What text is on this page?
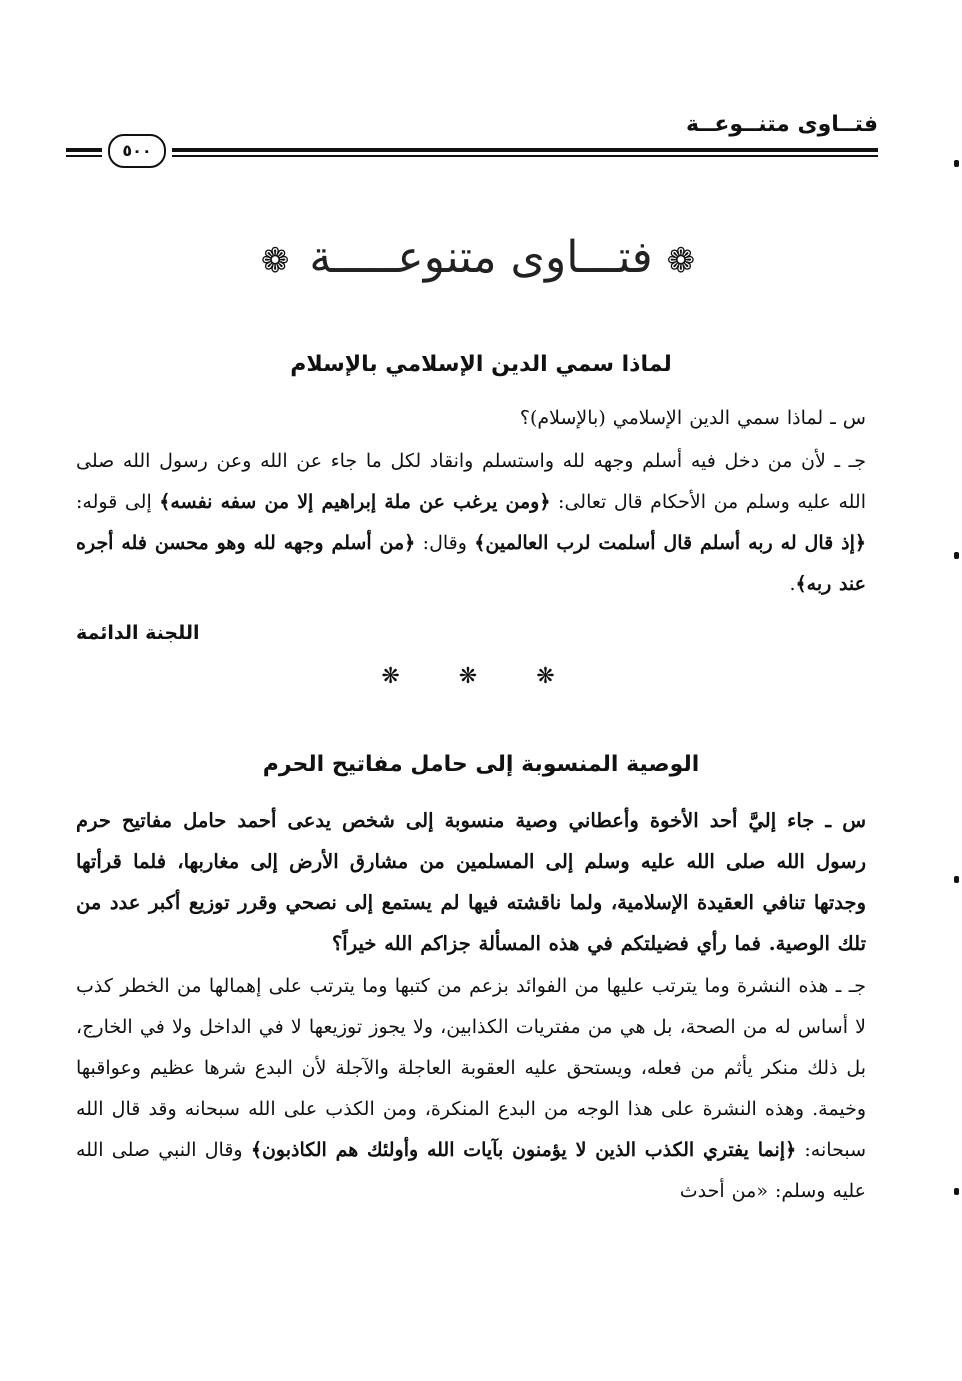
فتــاوى متنــوعــة
٥٠٠
❁فتـــاوى متنوعـــــة❁
لماذا سمي الدين الإسلامي بالإسلام
س ـ لماذا سمي الدين الإسلامي (بالإسلام)؟
جـ ـ لأن من دخل فيه أسلم وجهه لله واستسلم وانقاد لكل ما جاء عن الله وعن رسول الله صلى الله عليه وسلم من الأحكام قال تعالى: ﴿ومن يرغب عن ملة إبراهيم إلا من سفه نفسه﴾ إلى قوله: ﴿إذ قال له ربه أسلم قال أسلمت لرب العالمين﴾ وقال: ﴿من أسلم وجهه لله وهو محسن فله أجره عند ربه﴾.
اللجنة الدائمة
❋ ❋ ❋
الوصية المنسوبة إلى حامل مفاتيح الحرم
س ـ جاء إليَّ أحد الأخوة وأعطاني وصية منسوبة إلى شخص يدعى أحمد حامل مفاتيح حرم رسول الله صلى الله عليه وسلم إلى المسلمين من مشارق الأرض إلى مغاربها، فلما قرأتها وجدتها تنافي العقيدة الإسلامية، ولما ناقشته فيها لم يستمع إلى نصحي وقرر توزيع أكبر عدد من تلك الوصية. فما رأي فضيلتكم في هذه المسألة جزاكم الله خيراً؟
جـ ـ هذه النشرة وما يترتب عليها من الفوائد بزعم من كتبها وما يترتب على إهمالها من الخطر كذب لا أساس له من الصحة، بل هي من مفتريات الكذابين، ولا يجوز توزيعها لا في الداخل ولا في الخارج، بل ذلك منكر يأثم من فعله، ويستحق عليه العقوبة العاجلة والآجلة لأن البدع شرها عظيم وعواقبها وخيمة. وهذه النشرة على هذا الوجه من البدع المنكرة، ومن الكذب على الله سبحانه وقد قال الله سبحانه: ﴿إنما يفتري الكذب الذين لا يؤمنون بآيات الله وأولئك هم الكاذبون﴾ وقال النبي صلى الله عليه وسلم: «من أحدث
